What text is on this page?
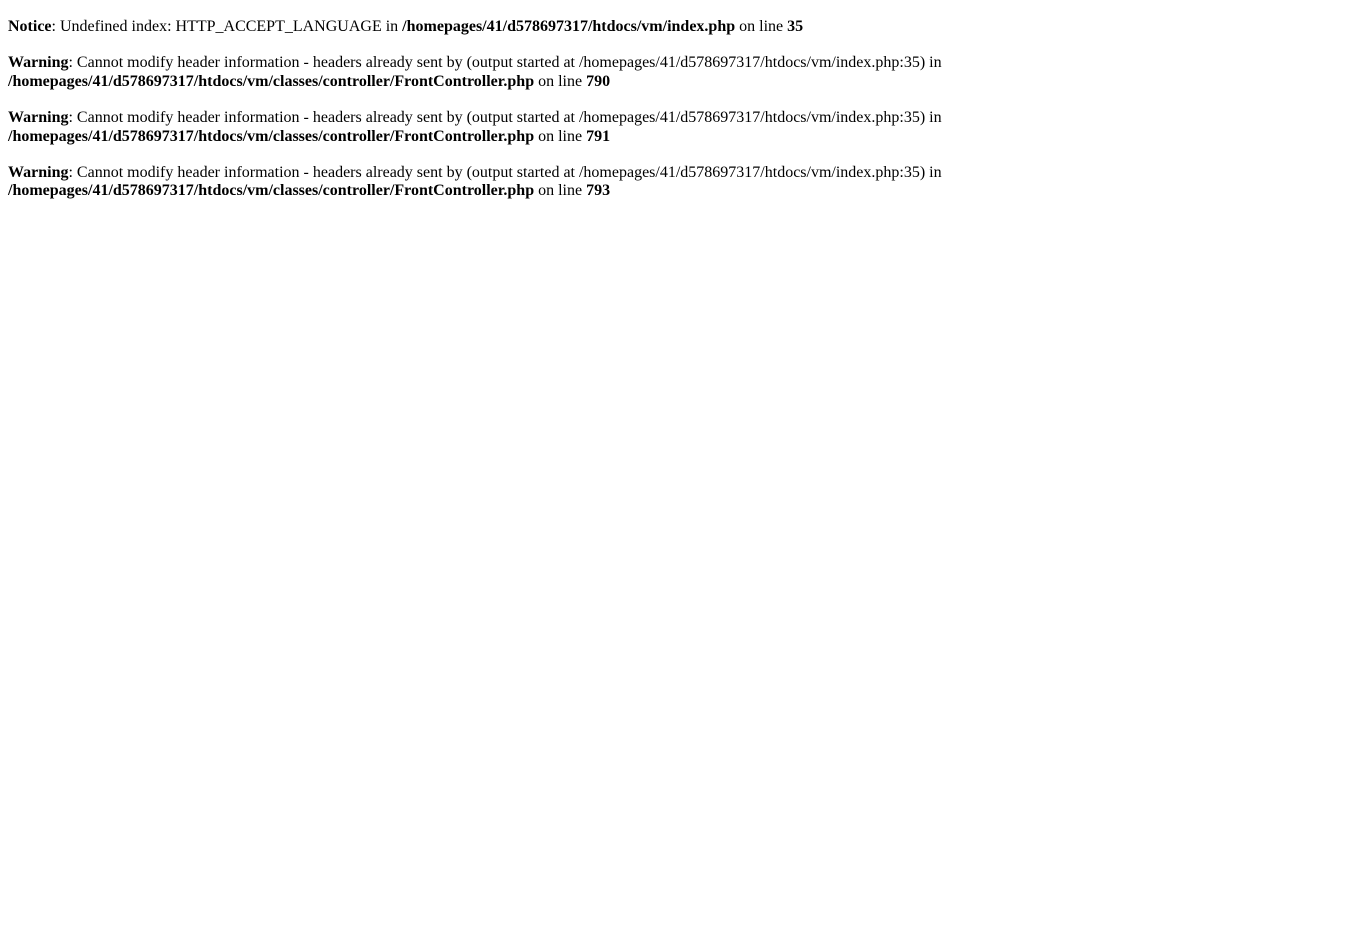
Notice: Undefined index: HTTP_ACCEPT_LANGUAGE in /homepages/41/d578697317/htdocs/vm/index.php on line 35

Warning: Cannot modify header information - headers already sent by (output started at /homepages/41/d578697317/htdocs/vm/index.php:35) in /homepages/41/d578697317/htdocs/vm/classes/controller/FrontController.php on line 790

Warning: Cannot modify header information - headers already sent by (output started at /homepages/41/d578697317/htdocs/vm/index.php:35) in /homepages/41/d578697317/htdocs/vm/classes/controller/FrontController.php on line 791

Warning: Cannot modify header information - headers already sent by (output started at /homepages/41/d578697317/htdocs/vm/index.php:35) in /homepages/41/d578697317/htdocs/vm/classes/controller/FrontController.php on line 793
